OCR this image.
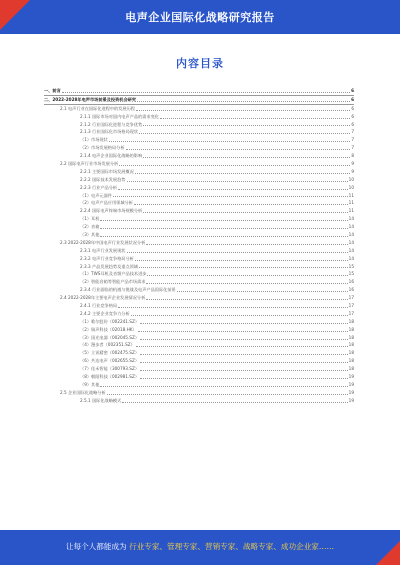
电声企业国际化战略研究报告
内容目录
一、前言	6
二、2022-2028年电声市场前景及投资机会研究	6
2.1 电声行业在国际化进程中的发展历程	6
2.1.1 国际市场对国内电声产品的需求变化	6
2.1.2 行业国际化进程与竞争优势	6
2.1.3 行业国际化市场格局现状	7
（1）市场现状	7
（2）市场发展格局分析	7
2.1.4 电声企业国际化战略的影响	8
2.2 国际电声行业市场发展分析	9
2.2.1 主要国际市场发展概况	9
2.2.2 国际技术发展趋势	10
2.2.3 行业产品分析	10
（1）电声元器件	11
（2）电声产品应用领域分析	11
2.2.4 国际电声终端市场规模分析	11
（1）耳机	14
（2）音箱	14
（3）其他	14
2.3 2022-2028年中国电声行业发展状况分析	14
2.3.1 电声行业发展现状	14
2.3.2 电声行业竞争格局分析	14
2.3.3 产品发展趋势及重点领域	15
（1）TWS耳机及音频产品技术进步	15
（2）智能音箱等智能产品市场需求	16
2.3.4 行业面临的机遇与挑战及电声产品国际化前景	16
2.4 2022-2028年主要电声企业发展情况分析	17
2.4.1 行业竞争格局	17
2.4.2 主要企业竞争力分析	17
（1）歌尔股份（002241.SZ）	18
（2）瑞声科技（02018.HK）	18
（3）国光电器（002045.SZ）	18
（4）漫步者（002351.SZ）	18
（5）立讯精密（002475.SZ）	18
（6）共达电声（002655.SZ）	18
（7）佳禾智能（300793.SZ）	18
（8）朝阳科技（002981.SZ）	19
（9）其他	19
2.5 企业国际化战略分析	19
2.5.1 国际化战略模式	19
让每个人都能成为 行业专家、管理专家、营销专家、战略专家、成功企业家……
